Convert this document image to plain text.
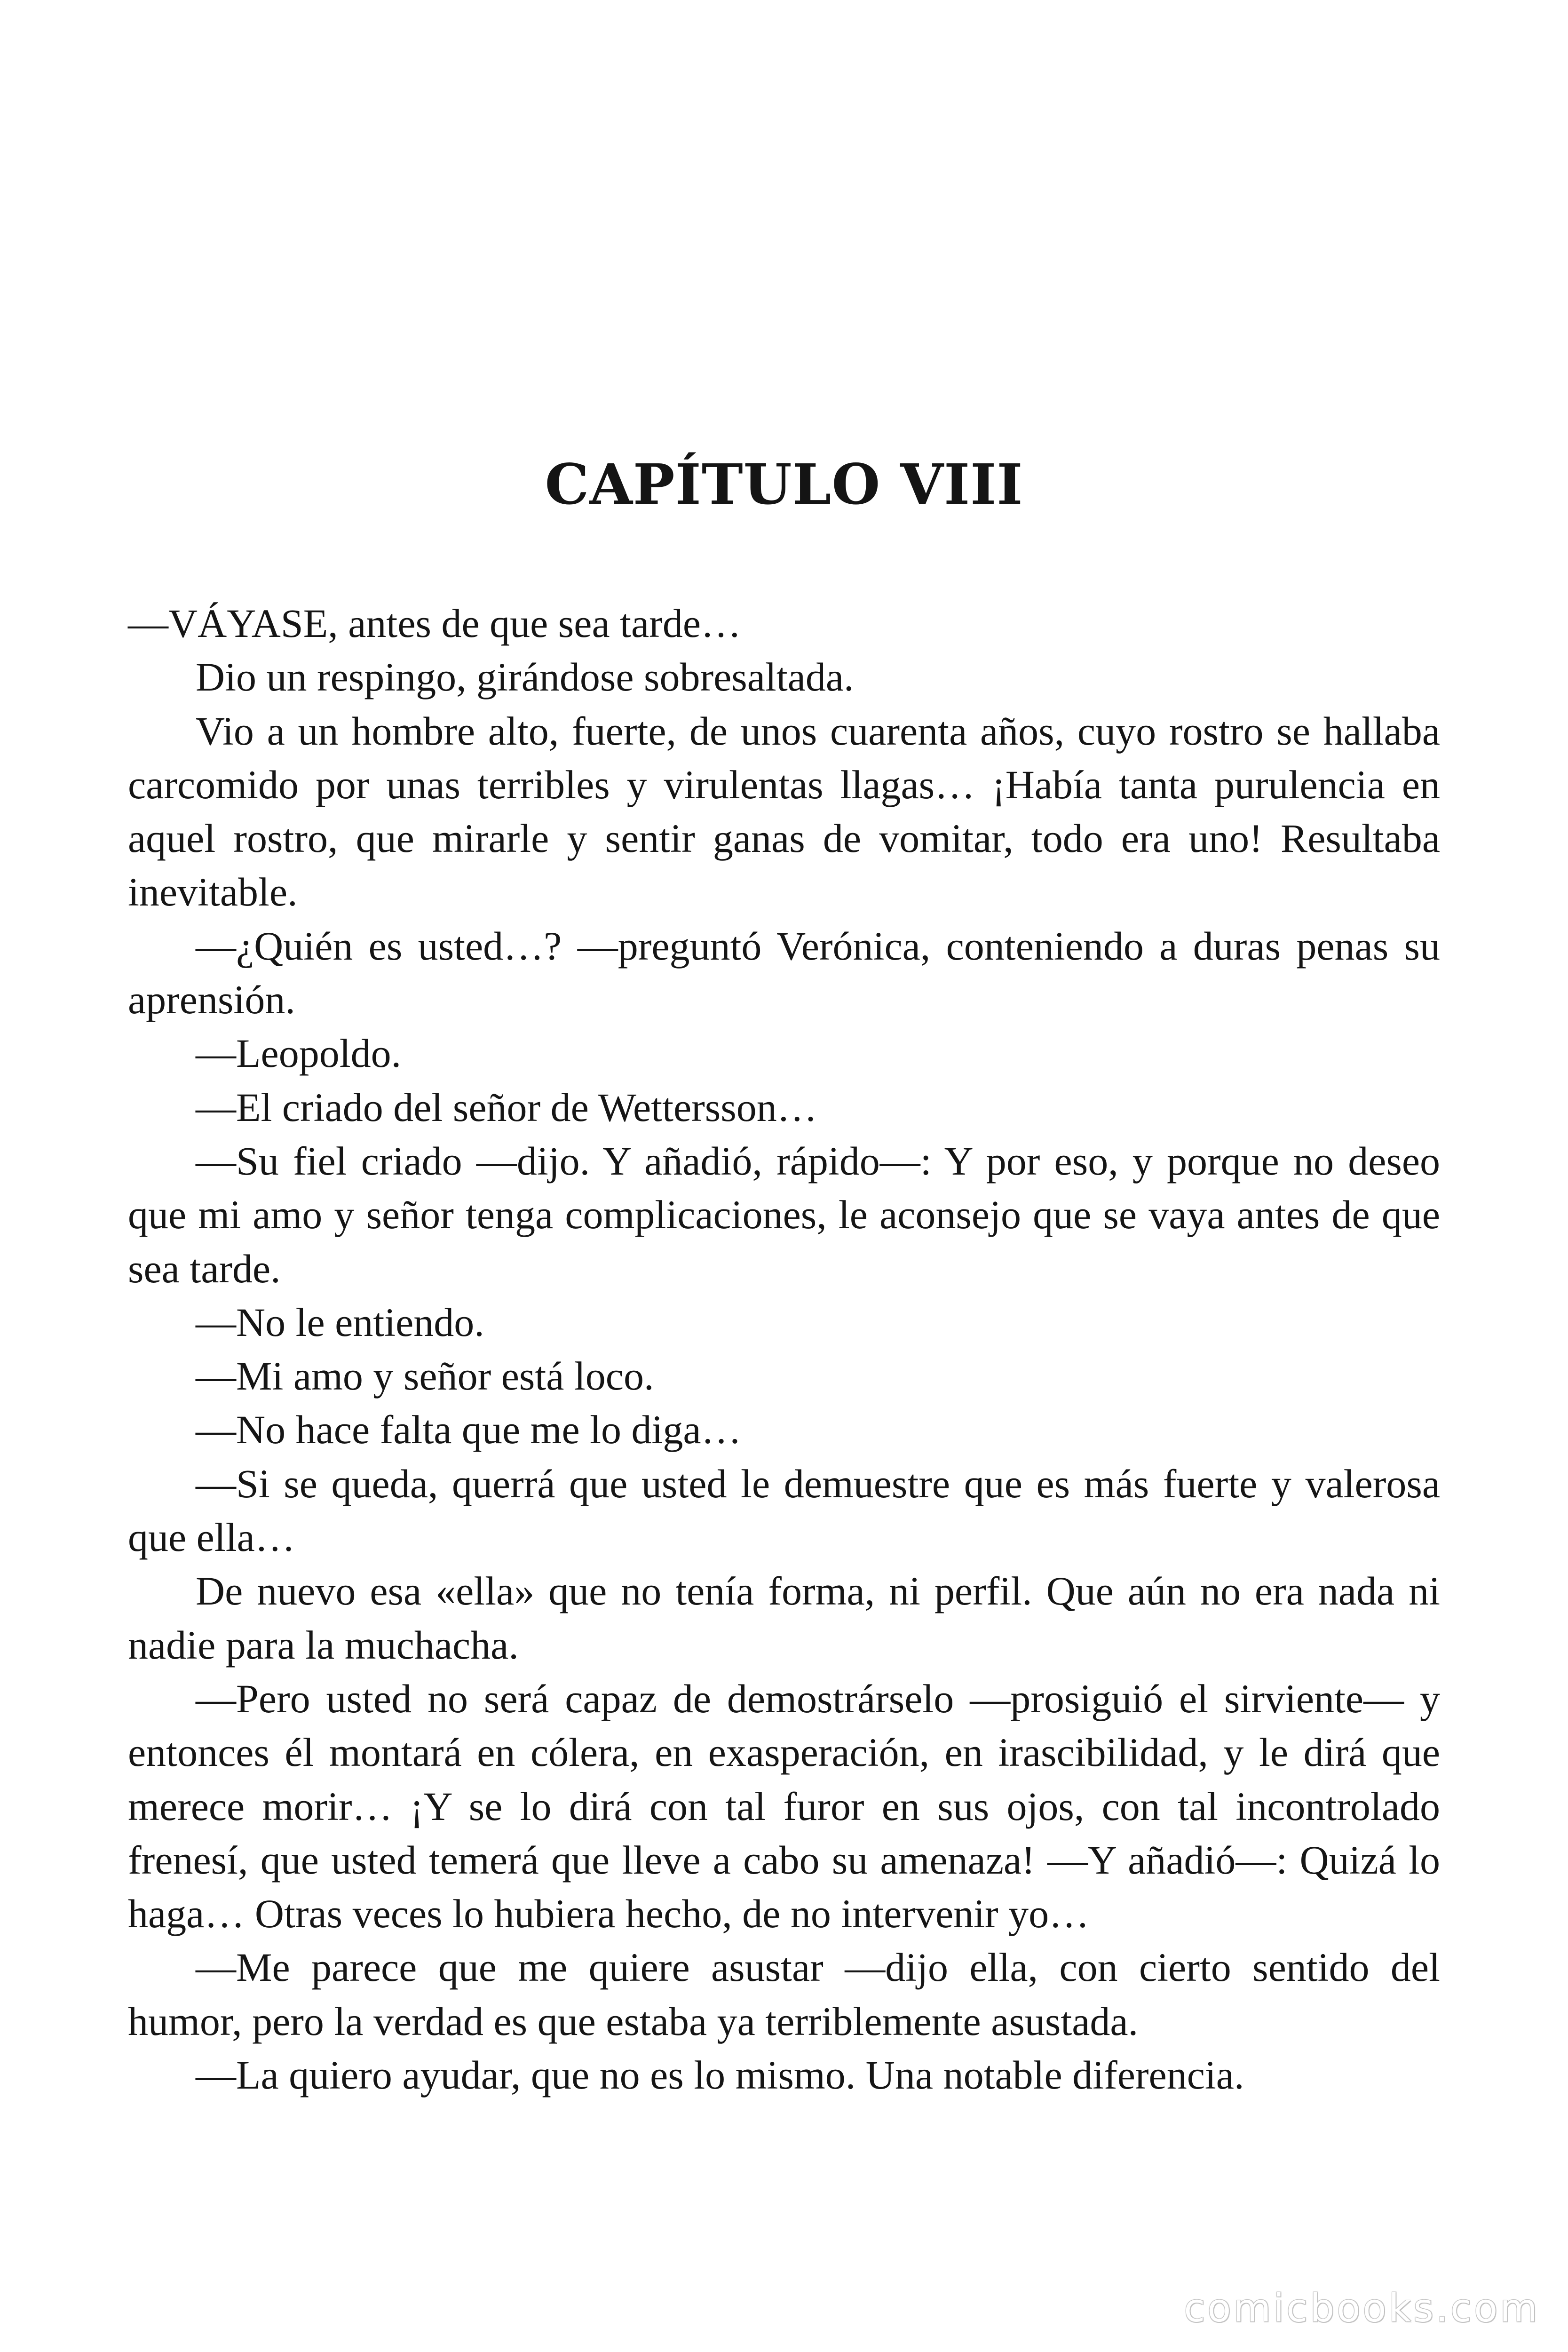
CAPÍTULO VIII

—VÁYASE, antes de que sea tarde…

Dio un respingo, girándose sobresaltada.

Vio a un hombre alto, fuerte, de unos cuarenta años, cuyo rostro se hallaba carcomido por unas terribles y virulentas llagas… ¡Había tanta purulencia en aquel rostro, que mirarle y sentir ganas de vomitar, todo era uno! Resultaba inevitable.

—¿Quién es usted…? —preguntó Verónica, conteniendo a duras penas su aprensión.

—Leopoldo.

—El criado del señor de Wettersson…

—Su fiel criado —dijo. Y añadió, rápido—: Y por eso, y porque no deseo que mi amo y señor tenga complicaciones, le aconsejo que se vaya antes de que sea tarde.

—No le entiendo.

—Mi amo y señor está loco.

—No hace falta que me lo diga…

—Si se queda, querrá que usted le demuestre que es más fuerte y valerosa que ella…

De nuevo esa «ella» que no tenía forma, ni perfil. Que aún no era nada ni nadie para la muchacha.

—Pero usted no será capaz de demostrárselo —prosiguió el sirviente— y entonces él montará en cólera, en exasperación, en irascibilidad, y le dirá que merece morir… ¡Y se lo dirá con tal furor en sus ojos, con tal incontrolado frenesí, que usted temerá que lleve a cabo su amenaza! —Y añadió—: Quizá lo haga… Otras veces lo hubiera hecho, de no intervenir yo…

—Me parece que me quiere asustar —dijo ella, con cierto sentido del humor, pero la verdad es que estaba ya terriblemente asustada.

—La quiero ayudar, que no es lo mismo. Una notable diferencia.

comicbooks.com
